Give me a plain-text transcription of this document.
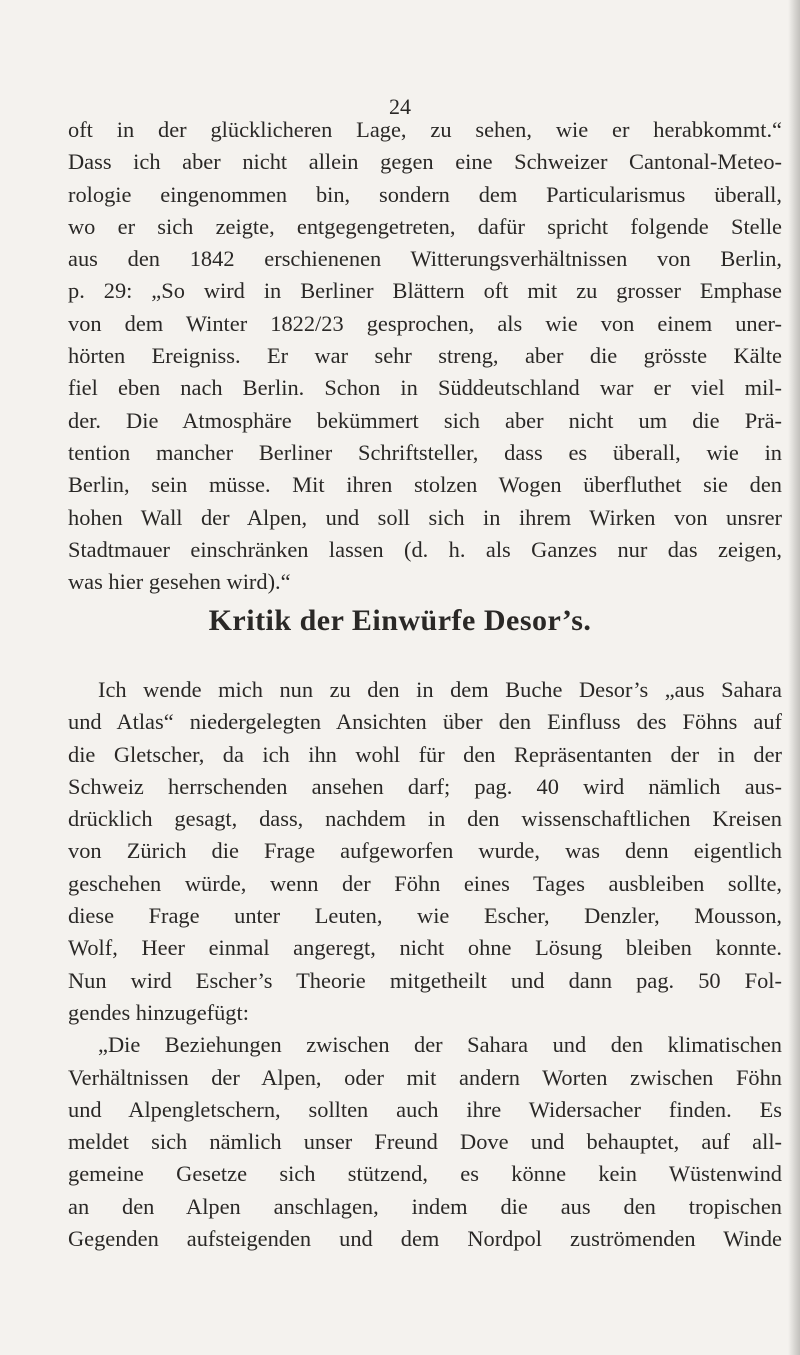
24
oft in der glücklicheren Lage, zu sehen, wie er herabkommt.“
Dass ich aber nicht allein gegen eine Schweizer Cantonal-Meteo-
rologie eingenommen bin, sondern dem Particularismus überall,
wo er sich zeigte, entgegengetreten, dafür spricht folgende Stelle
aus den 1842 erschienenen Witterungsverhältnissen von Berlin,
p. 29: „So wird in Berliner Blättern oft mit zu grosser Emphase
von dem Winter 1822/23 gesprochen, als wie von einem uner-
hörten Ereigniss. Er war sehr streng, aber die grösste Kälte
fiel eben nach Berlin. Schon in Süddeutschland war er viel mil-
der. Die Atmosphäre bekümmert sich aber nicht um die Prä-
tention mancher Berliner Schriftsteller, dass es überall, wie in
Berlin, sein müsse. Mit ihren stolzen Wogen überfluthet sie den
hohen Wall der Alpen, und soll sich in ihrem Wirken von unsrer
Stadtmauer einschränken lassen (d. h. als Ganzes nur das zeigen,
was hier gesehen wird).“
Kritik der Einwürfe Desor’s.
Ich wende mich nun zu den in dem Buche Desor’s „aus Sahara
und Atlas“ niedergelegten Ansichten über den Einfluss des Föhns auf
die Gletscher, da ich ihn wohl für den Repräsentanten der in der
Schweiz herrschenden ansehen darf; pag. 40 wird nämlich aus-
drücklich gesagt, dass, nachdem in den wissenschaftlichen Kreisen
von Zürich die Frage aufgeworfen wurde, was denn eigentlich
geschehen würde, wenn der Föhn eines Tages ausbleiben sollte,
diese Frage unter Leuten, wie Escher, Denzler, Mousson,
Wolf, Heer einmal angeregt, nicht ohne Lösung bleiben konnte.
Nun wird Escher’s Theorie mitgetheilt und dann pag. 50 Fol-
gendes hinzugefügt:
„Die Beziehungen zwischen der Sahara und den klimatischen
Verhältnissen der Alpen, oder mit andern Worten zwischen Föhn
und Alpengletschern, sollten auch ihre Widersacher finden. Es
meldet sich nämlich unser Freund Dove und behauptet, auf all-
gemeine Gesetze sich stützend, es könne kein Wüstenwind
an den Alpen anschlagen, indem die aus den tropischen
Gegenden aufsteigenden und dem Nordpol zuströmenden Winde
